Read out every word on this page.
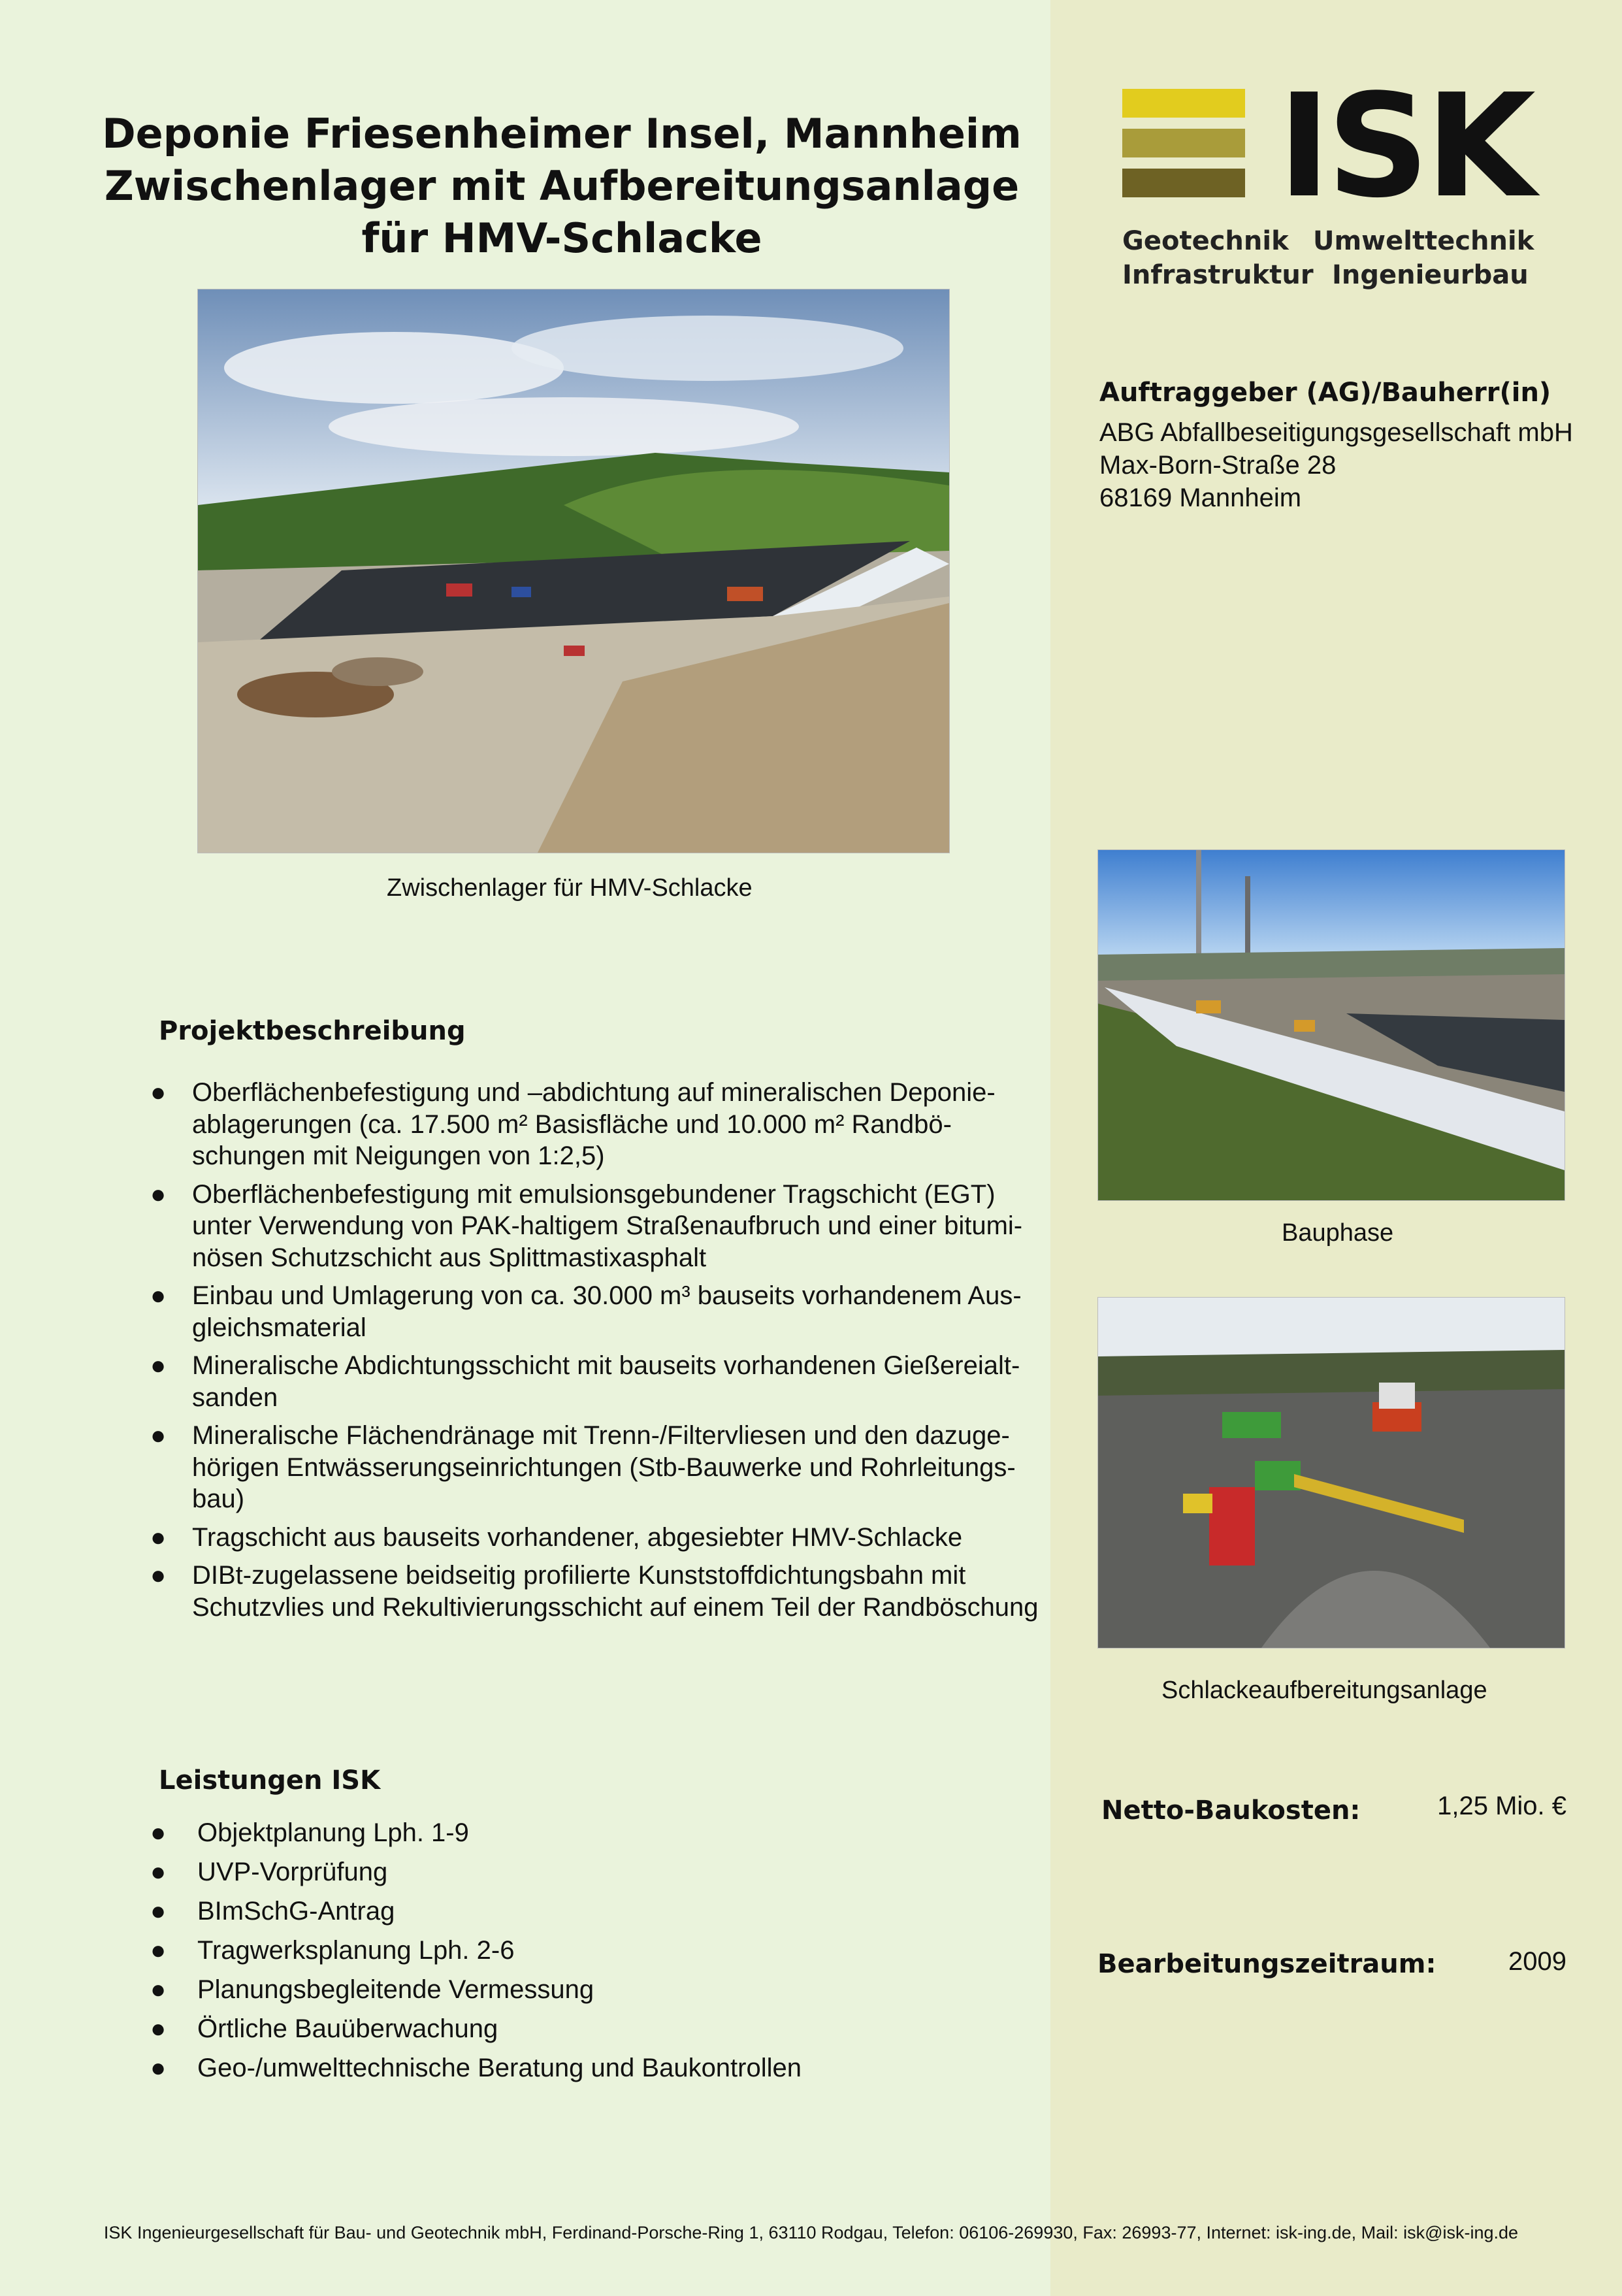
Deponie Friesenheimer Insel, Mannheim
Zwischenlager mit Aufbereitungsanlage
für HMV-Schlacke
ISK
Geotechnik Umwelttechnik
Infrastruktur Ingenieurbau
Zwischenlager für HMV-Schlacke
Auftraggeber (AG)/Bauherr(in)
ABG Abfallbeseitigungsgesellschaft mbH
Max-Born-Straße 28
68169 Mannheim
Bauphase
Schlackeaufbereitungsanlage
Projektbeschreibung
● Oberflächenbefestigung und –abdichtung auf mineralischen Deponie-
ablagerungen (ca. 17.500 m² Basisfläche und 10.000 m² Randbö-
schungen mit Neigungen von 1:2,5)
● Oberflächenbefestigung mit emulsionsgebundener Tragschicht (EGT)
unter Verwendung von PAK-haltigem Straßenaufbruch und einer bitumi-
nösen Schutzschicht aus Splittmastixasphalt
● Einbau und Umlagerung von ca. 30.000 m³ bauseits vorhandenem Aus-
gleichsmaterial
● Mineralische Abdichtungsschicht mit bauseits vorhandenen Gießereialt-
sanden
● Mineralische Flächendränage mit Trenn-/Filtervliesen und den dazuge-
hörigen Entwässerungseinrichtungen (Stb-Bauwerke und Rohrleitungs-
bau)
● Tragschicht aus bauseits vorhandener, abgesiebter HMV-Schlacke
● DIBt-zugelassene beidseitig profilierte Kunststoffdichtungsbahn mit
Schutzvlies und Rekultivierungsschicht auf einem Teil der Randböschung
Leistungen ISK
● Objektplanung Lph. 1-9
● UVP-Vorprüfung
● BImSchG-Antrag
● Tragwerksplanung Lph. 2-6
● Planungsbegleitende Vermessung
● Örtliche Bauüberwachung
● Geo-/umwelttechnische Beratung und Baukontrollen
Netto-Baukosten:	1,25 Mio. €
Bearbeitungszeitraum:	2009
ISK Ingenieurgesellschaft für Bau- und Geotechnik mbH, Ferdinand-Porsche-Ring 1, 63110 Rodgau, Telefon: 06106-269930, Fax: 26993-77, Internet: isk-ing.de, Mail: isk@isk-ing.de
